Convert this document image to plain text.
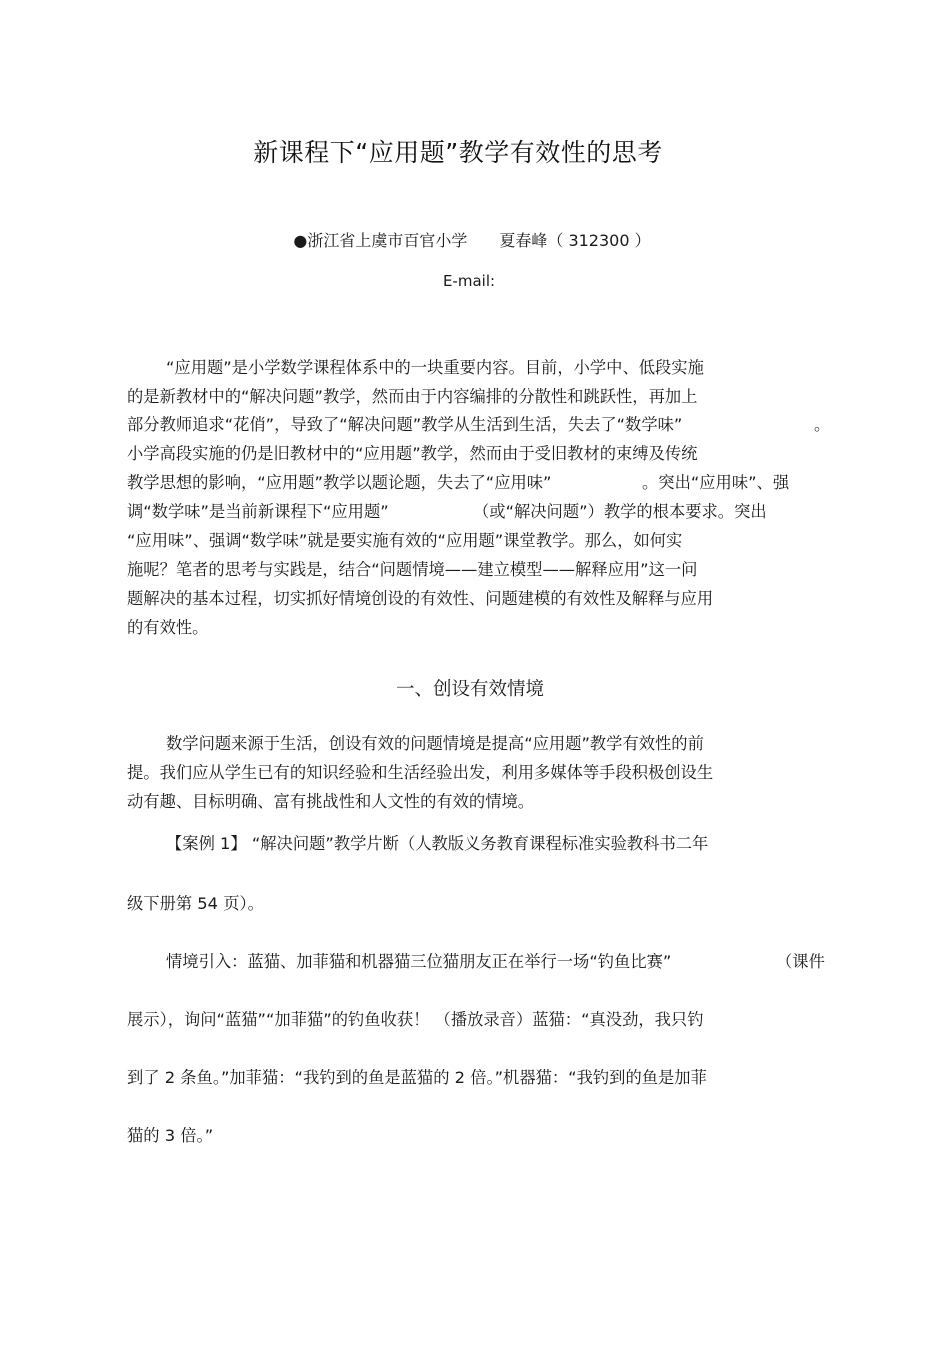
新课程下“应用题”教学有效性的思考
●浙江省上虞市百官小学　　夏春峰（ 312300 ）
E-mail:
“应用题”是小学数学课程体系中的一块重要内容。目前，小学中、低段实施
的是新教材中的“解决问题”教学，然而由于内容编排的分散性和跳跃性，再加上
部分教师追求“花俏”，导致了“解决问题”教学从生活到生活，失去了“数学味”	。
小学高段实施的仍是旧教材中的“应用题”教学，然而由于受旧教材的束缚及传统
教学思想的影响，“应用题”教学以题论题，失去了“应用味”	。突出“应用味”、强
调“数学味”是当前新课程下“应用题”	（或“解决问题”）教学的根本要求。突出
“应用味”、强调“数学味”就是要实施有效的“应用题”课堂教学。那么，如何实
施呢？笔者的思考与实践是，结合“问题情境——建立模型——解释应用”这一问
题解决的基本过程，切实抓好情境创设的有效性、问题建模的有效性及解释与应用
的有效性。
一、创设有效情境
数学问题来源于生活，创设有效的问题情境是提高“应用题”教学有效性的前
提。我们应从学生已有的知识经验和生活经验出发，利用多媒体等手段积极创设生
动有趣、目标明确、富有挑战性和人文性的有效的情境。
【案例 1】 “解决问题”教学片断（人教版义务教育课程标准实验教科书二年
级下册第 54 页）。
情境引入：蓝猫、加菲猫和机器猫三位猫朋友正在举行一场“钓鱼比赛”	（课件
展示），询问“蓝猫”“加菲猫”的钓鱼收获！ （播放录音）蓝猫：“真没劲，我只钓
到了 2 条鱼。”加菲猫：“我钓到的鱼是蓝猫的 2 倍。”机器猫：“我钓到的鱼是加菲
猫的 3 倍。”
